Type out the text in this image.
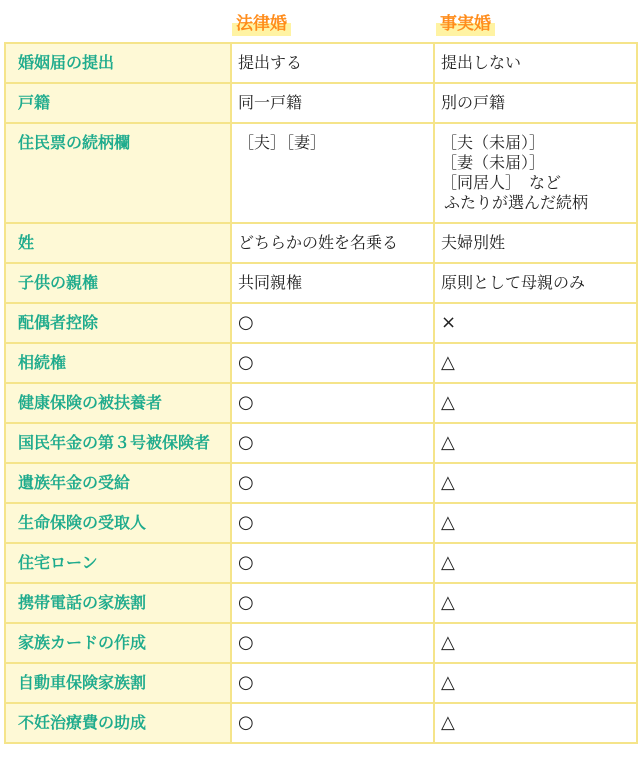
法律婚	事実婚
婚姻届の提出	提出する	提出しない

戸籍	同一戸籍	別の戸籍

住民票の続柄欄	［夫］［妻］	［夫（未届）］
［妻（未届）］
［同居人］　など
ふたりが選んだ続柄

姓	どちらかの姓を名乗る	夫婦別姓

子供の親権	共同親権	原則として母親のみ

配偶者控除	○	×

相続権	○	△

健康保険の被扶養者	○	△

国民年金の第３号被保険者	○	△

遺族年金の受給	○	△

生命保険の受取人	○	△

住宅ローン	○	△

携帯電話の家族割	○	△

家族カードの作成	○	△

自動車保険家族割	○	△

不妊治療費の助成	○	△
